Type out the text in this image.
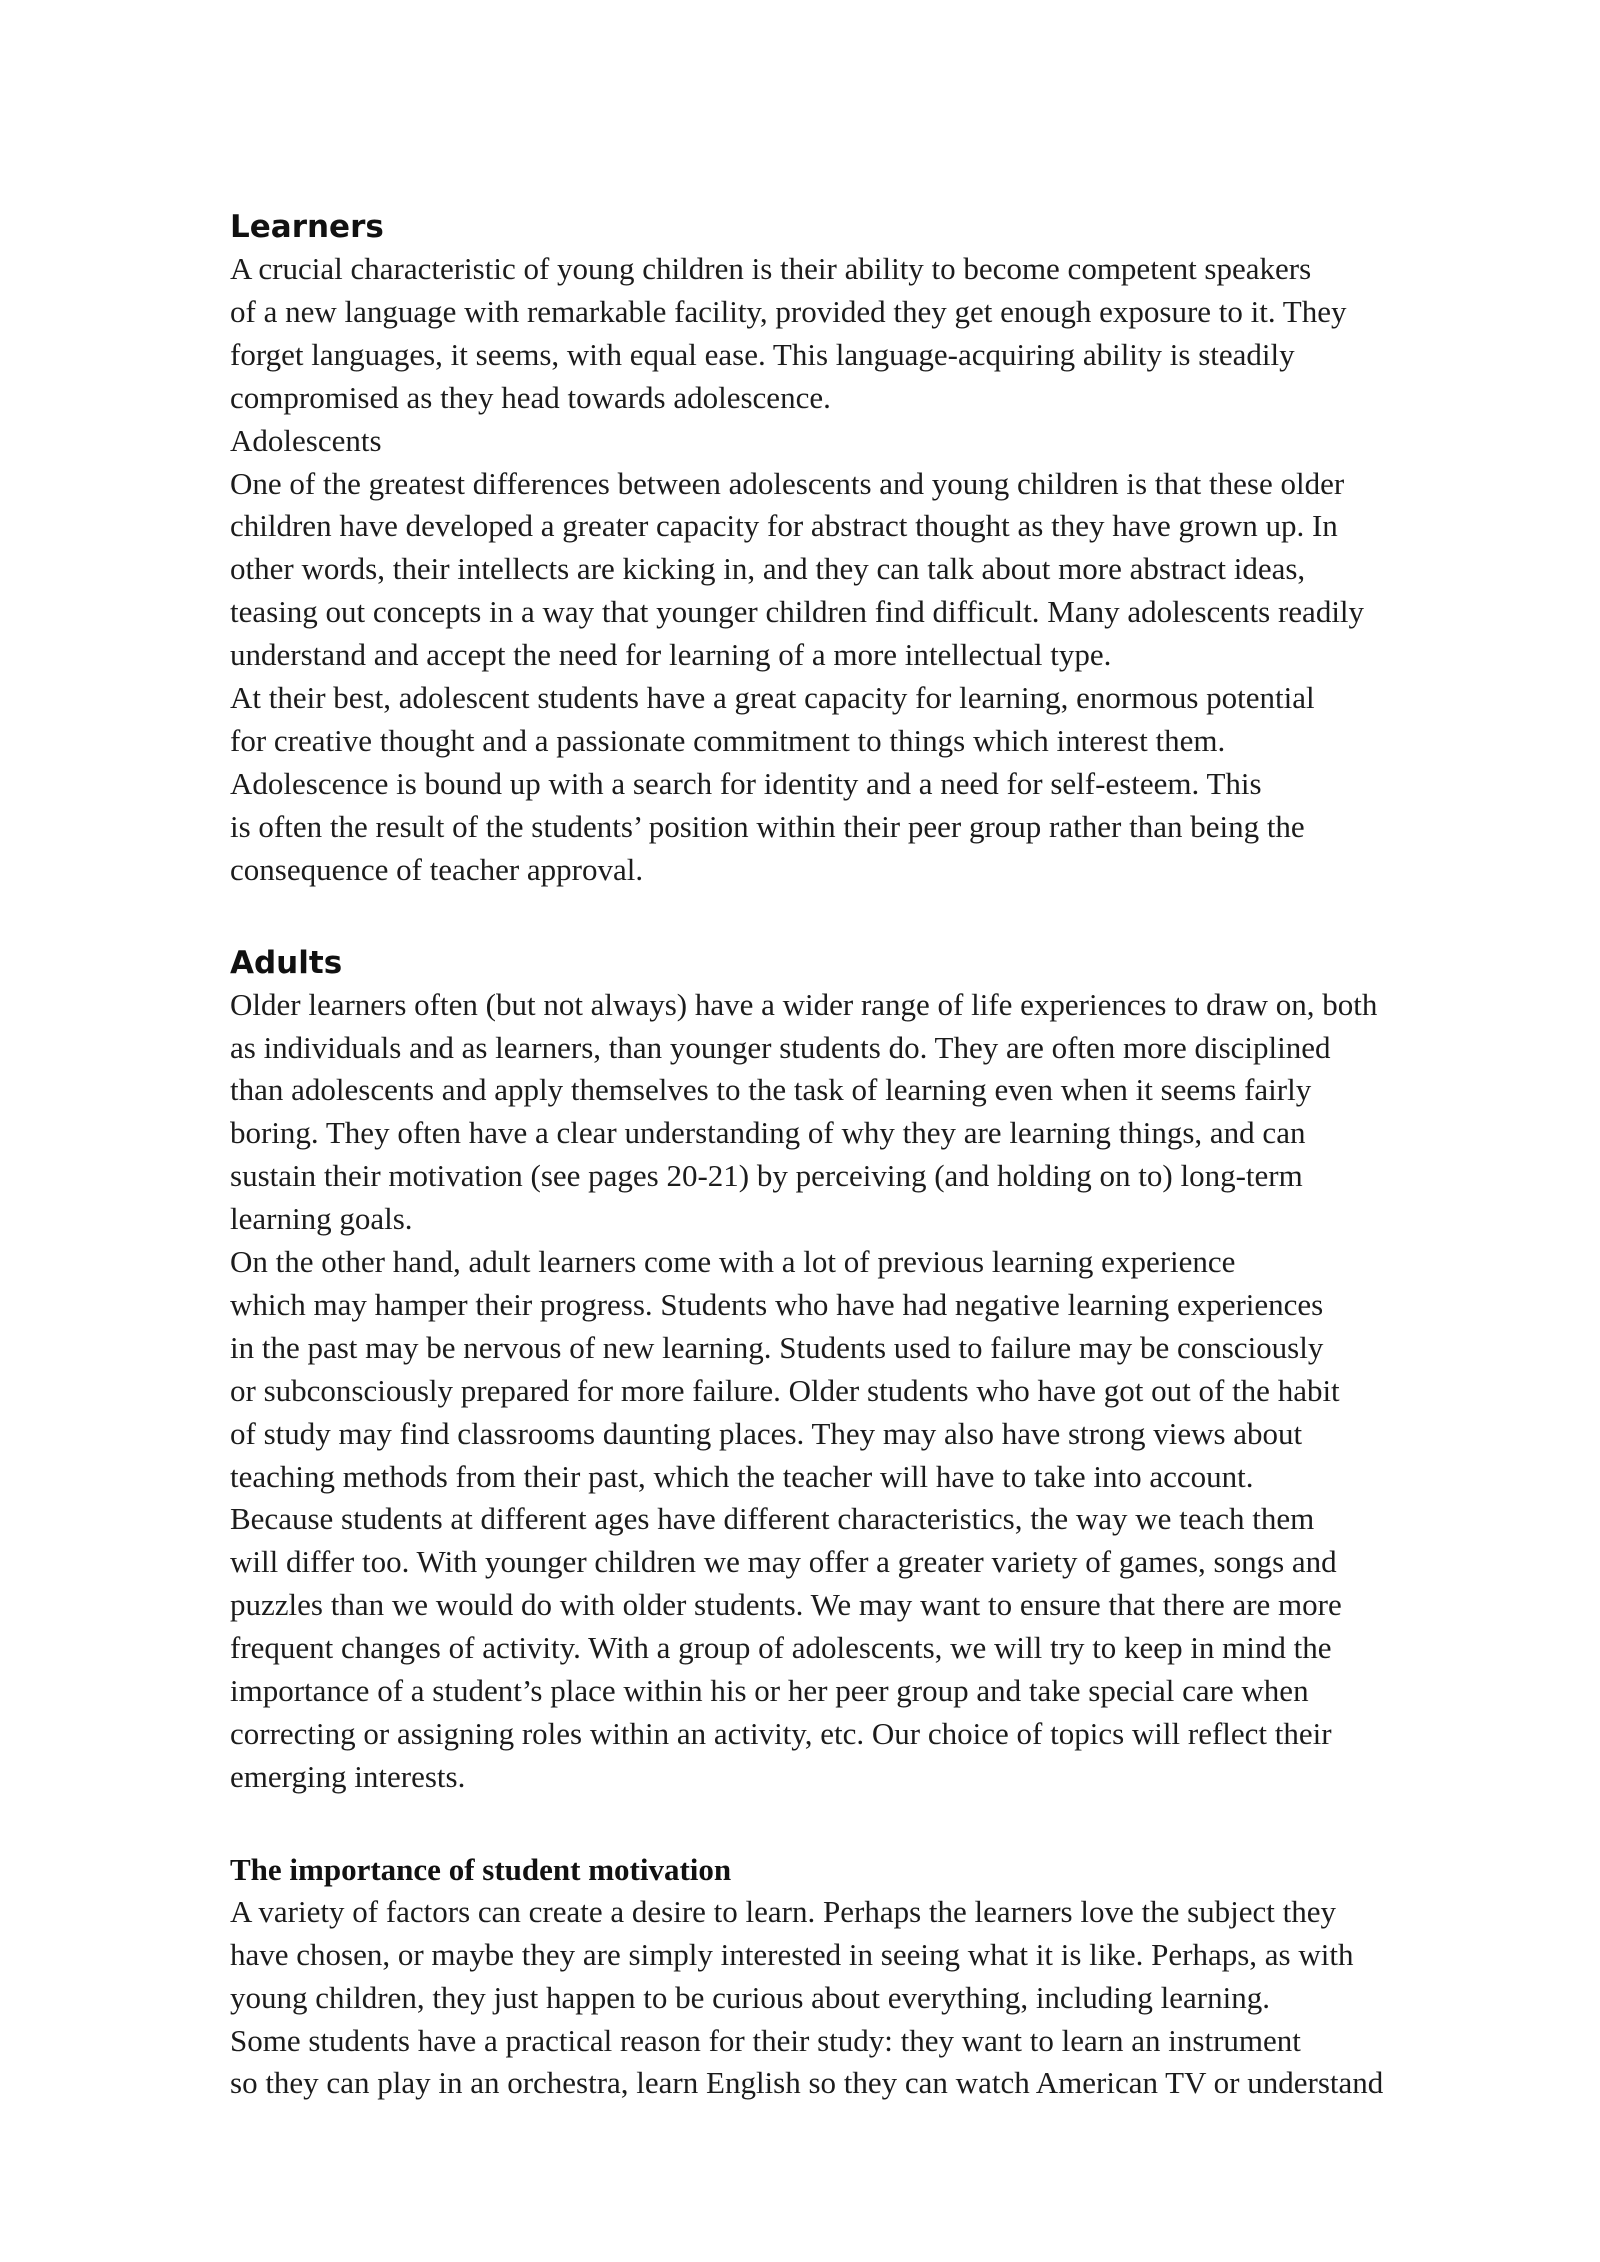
Learners

A crucial characteristic of young children is their ability to become competent speakers

of a new language with remarkable facility, provided they get enough exposure to it. They

forget languages, it seems, with equal ease. This language-acquiring ability is steadily

compromised as they head towards adolescence.

Adolescents

One of the greatest differences between adolescents and young children is that these older

children have developed a greater capacity for abstract thought as they have grown up. In

other words, their intellects are kicking in, and they can talk about more abstract ideas,

teasing out concepts in a way that younger children find difficult. Many adolescents readily

understand and accept the need for learning of a more intellectual type.

At their best, adolescent students have a great capacity for learning, enormous potential

for creative thought and a passionate commitment to things which interest them.

Adolescence is bound up with a search for identity and a need for self-esteem. This

is often the result of the students’ position within their peer group rather than being the

consequence of teacher approval.

Adults

Older learners often (but not always) have a wider range of life experiences to draw on, both

as individuals and as learners, than younger students do. They are often more disciplined

than adolescents and apply themselves to the task of learning even when it seems fairly

boring. They often have a clear understanding of why they are learning things, and can

sustain their motivation (see pages 20-21) by perceiving (and holding on to) long-term

learning goals.

On the other hand, adult learners come with a lot of previous learning experience

which may hamper their progress. Students who have had negative learning experiences

in the past may be nervous of new learning. Students used to failure may be consciously

or subconsciously prepared for more failure. Older students who have got out of the habit

of study may find classrooms daunting places. They may also have strong views about

teaching methods from their past, which the teacher will have to take into account.

Because students at different ages have different characteristics, the way we teach them

will differ too. With younger children we may offer a greater variety of games, songs and

puzzles than we would do with older students. We may want to ensure that there are more

frequent changes of activity. With a group of adolescents, we will try to keep in mind the

importance of a student’s place within his or her peer group and take special care when

correcting or assigning roles within an activity, etc. Our choice of topics will reflect their

emerging interests.

The importance of student motivation

A variety of factors can create a desire to learn. Perhaps the learners love the subject they

have chosen, or maybe they are simply interested in seeing what it is like. Perhaps, as with

young children, they just happen to be curious about everything, including learning.

Some students have a practical reason for their study: they want to learn an instrument

so they can play in an orchestra, learn English so they can watch American TV or understand
